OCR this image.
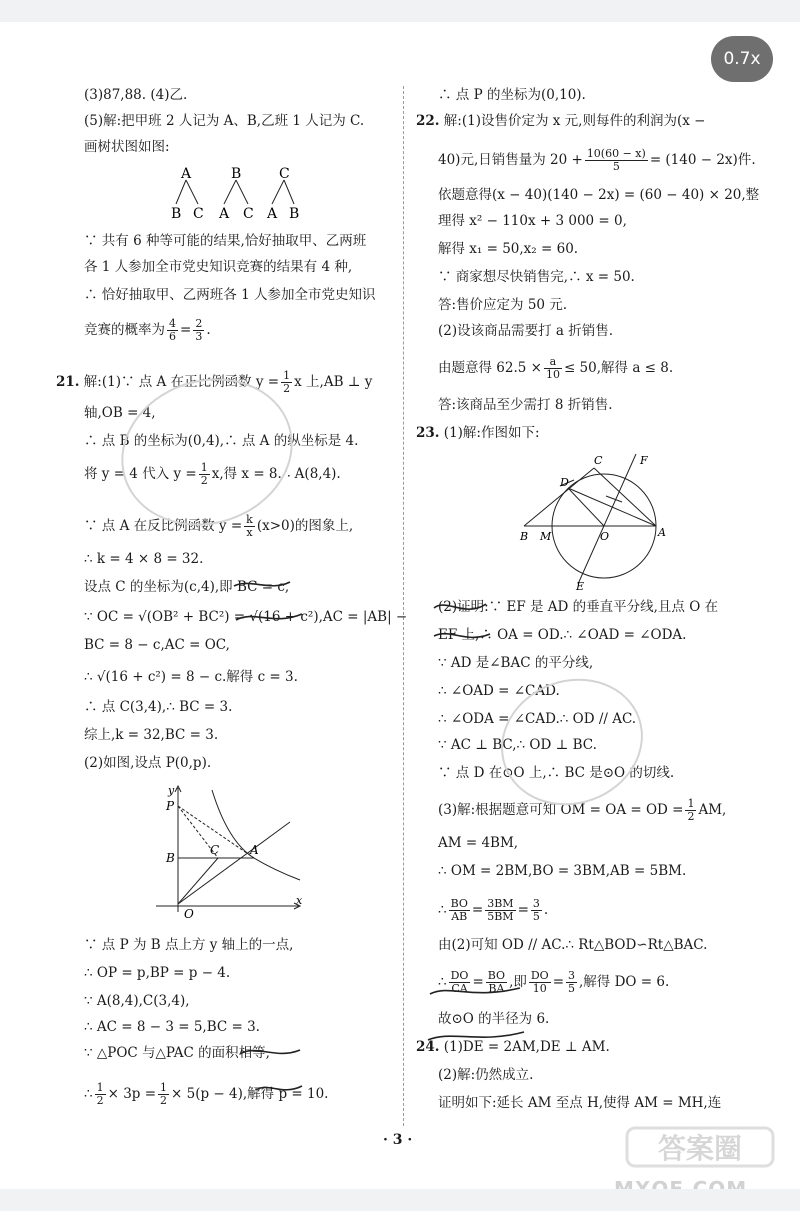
0.7x
(3)87,88. (4)乙.
(5)解:把甲班 2 人记为 A、B,乙班 1 人记为 C.
画树状图如图:
A	B	C
B C A C A B
∵ 共有 6 种等可能的结果,恰好抽取甲、乙两班
各 1 人参加全市党史知识竞赛的结果有 4 种,
∴ 恰好抽取甲、乙两班各 1 人参加全市党史知识
竞赛的概率为 $\frac{4}{6} = \frac{2}{3}$ .
21. 解:(1)∵ 点 A 在正比例函数 $y = \frac{1}{2}$ x 上,AB ⊥ y
轴,OB = 4,
∴ 点 B 的坐标为(0,4),∴ 点 A 的纵坐标是 4.
将 y = 4 代入 $y = \frac{1}{2} x$,得 x = 8.∴ A(8,4).
∵ 点 A 在反比例函数 $y = \frac{k}{x} (x>0)$的图象上,
∴ k = 4 × 8 = 32.
设点 C 的坐标为(c,4),即 BC = c,
∵ OC = √(OB² + BC²) = √(16 + c²),AC = |AB| −
BC = 8 − c,AC = OC,
∴ √(16 + c²) = 8 − c.解得 c = 3.
∴ 点 C(3,4),∴ BC = 3.
综上,k = 32,BC = 3.
(2)如图,设点 P(0,p).
y
x
P
B
C	A
O
∵ 点 P 为 B 点上方 y 轴上的一点,
∴ OP = p,BP = p − 4.
∵ A(8,4),C(3,4),
∴ AC = 8 − 3 = 5,BC = 3.
∵ △POC 与△PAC 的面积相等,
∴ $\frac{1}{2} \times 3p = \frac{1}{2} \times 5(p - 4)$,解得 p = 10.
∴ 点 P 的坐标为(0,10).
22. 解:(1)设售价定为 x 元,则每件的利润为(x −
40)元,日销售量为 $20 + \frac{10(60 - x)}{5} = (140 - 2x)$件.
依题意得(x − 40)(140 − 2x) = (60 − 40) × 20,整
理得 x² − 110x + 3 000 = 0,
解得 x₁ = 50,x₂ = 60.
∵ 商家想尽快销售完,∴ x = 50.
答:售价应定为 50 元.
(2)设该商品需要打 a 折销售.
由题意得 $62.5 \times \frac{a}{10} \le 50$,解得 a ≤ 8.
答:该商品至少需打 8 折销售.
23. (1)解:作图如下:
C	F
D
B M	O	A
E
(2)证明:∵ EF 是 AD 的垂直平分线,且点 O 在
EF 上,∴ OA = OD.∴ ∠OAD = ∠ODA.
∵ AD 是∠BAC 的平分线,
∴ ∠OAD = ∠CAD.
∴ ∠ODA = ∠CAD.∴ OD // AC.
∵ AC ⊥ BC,∴ OD ⊥ BC.
∵ 点 D 在⊙O 上,∴ BC 是⊙O 的切线.
(3)解:根据题意可知 OM = OA = OD = $\frac{1}{2}$ AM,
AM = 4BM,
∴ OM = 2BM,BO = 3BM,AB = 5BM.
∴ $\frac{BO}{AB} = \frac{3BM}{5BM} = \frac{3}{5}$ .
由(2)可知 OD // AC.∴ Rt△BOD∽Rt△BAC.
∴ $\frac{DO}{CA} = \frac{BO}{BA}$ ,即 $\frac{DO}{10} = \frac{3}{5}$ ,解得 DO = 6.
故⊙O 的半径为 6.
24. (1)DE = 2AM,DE ⊥ AM.
(2)解:仍然成立.
证明如下:延长 AM 至点 H,使得 AM = MH,连
· 3 ·	答案圈
